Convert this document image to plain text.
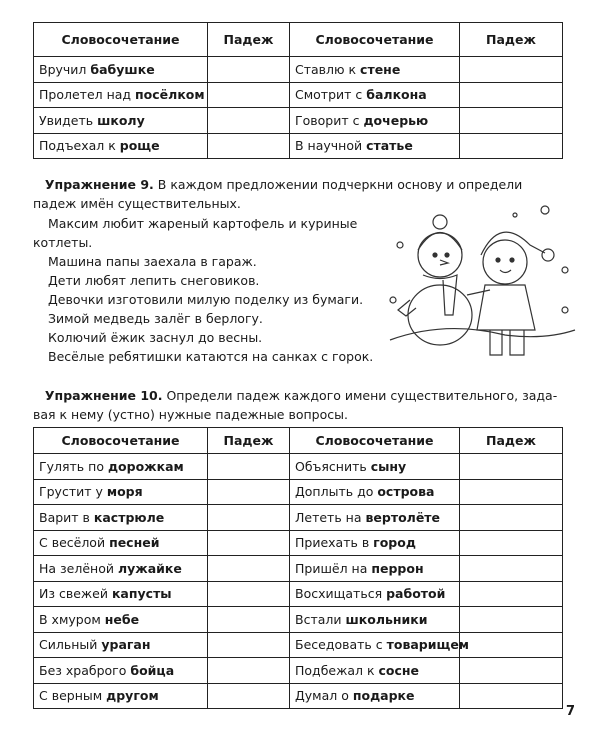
Словосочетание	Падеж	Словосочетание	Падеж
Вручил бабушке		Ставлю к стене	
Пролетел над посёлком		Смотрит с балкона	
Увидеть школу		Говорит с дочерью	
Подъехал к роще		В научной статье	
Упражнение 9. В каждом предложении подчеркни основу и определи
падеж имён существительных.
Максим любит жареный картофель и куриные
котлеты.
Машина папы заехала в гараж.
Дети любят лепить снеговиков.
Девочки изготовили милую поделку из бумаги.
Зимой медведь залёг в берлогу.
Колючий ёжик заснул до весны.
Весёлые ребятишки катаются на санках с горок.
Упражнение 10. Определи падеж каждого имени существительного, зада-
вая к нему (устно) нужные падежные вопросы.
Словосочетание	Падеж	Словосочетание	Падеж
Гулять по дорожкам		Объяснить сыну	
Грустит у моря		Доплыть до острова	
Варит в кастрюле		Лететь на вертолёте	
С весёлой песней		Приехать в город	
На зелёной лужайке		Пришёл на перрон	
Из свежей капусты		Восхищаться работой	
В хмуром небе		Встали школьники	
Сильный ураган		Беседовать с товарищем	
Без храброго бойца		Подбежал к сосне	
С верным другом		Думал о подарке	
7
